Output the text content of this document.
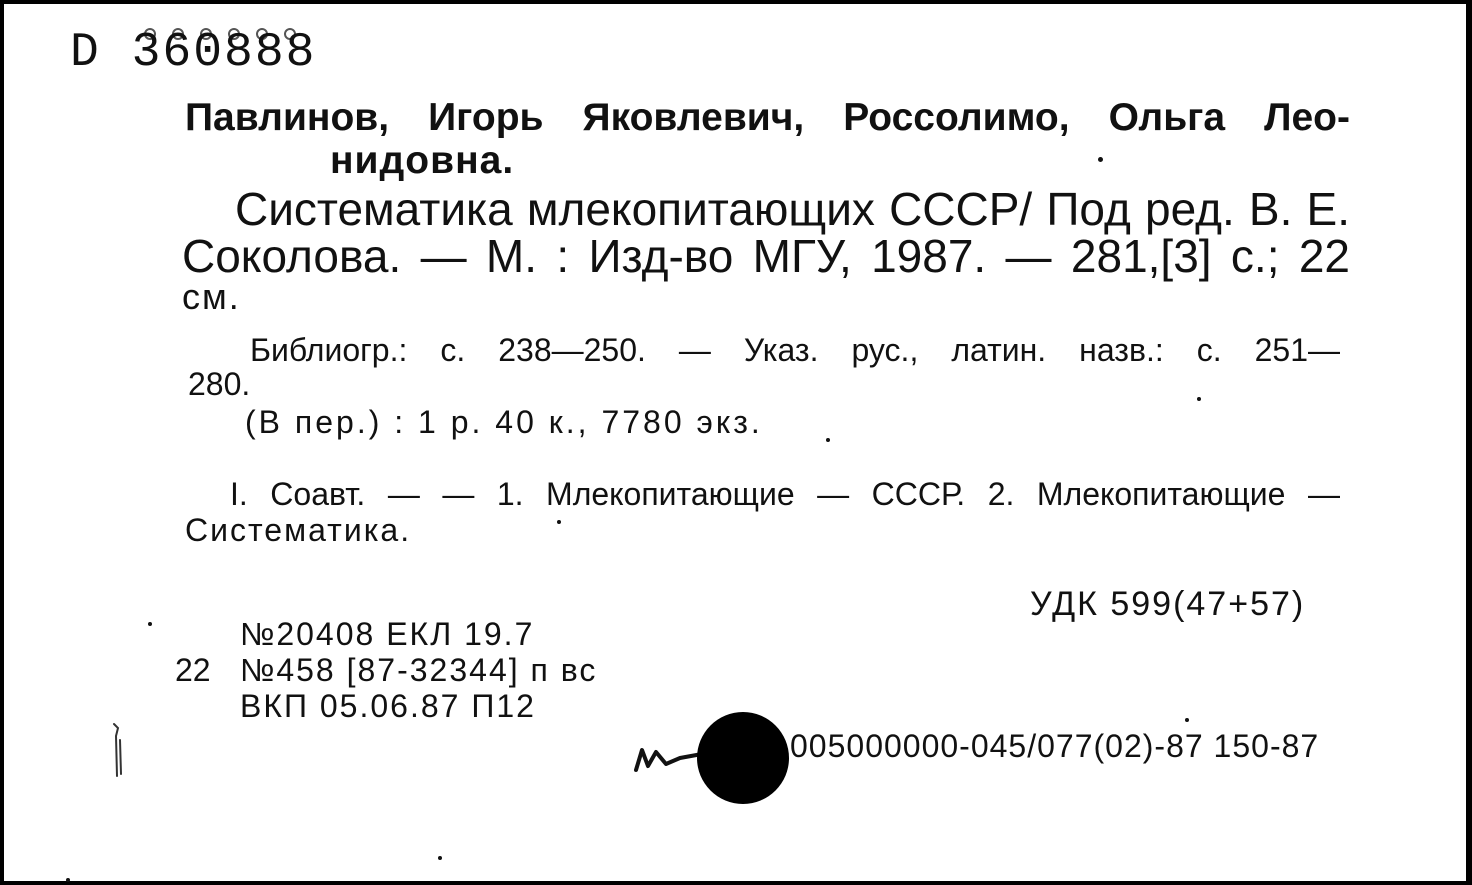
D 360888

Павлинов, Игорь Яковлевич, Россолимо, Ольга Лео-

нидовна.

Систематика млекопитающих СССР/ Под ред. В. Е.

Соколова. — М. : Изд-во МГУ, 1987. — 281,[3] с.; 22

см.

Библиогр.: с. 238—250. — Указ. рус., латин. назв.: с. 251—

280.

(В пер.) : 1 р. 40 к., 7780 экз.

I. Соавт. — — 1. Млекопитающие — СССР. 2. Млекопитающие —

Систематика.

УДК 599(47+57)

№20408 ЕКЛ 19.7

22 №458 [87-32344] п вс

ВКП 05.06.87 П12

005000000-045/077(02)-87 150-87
